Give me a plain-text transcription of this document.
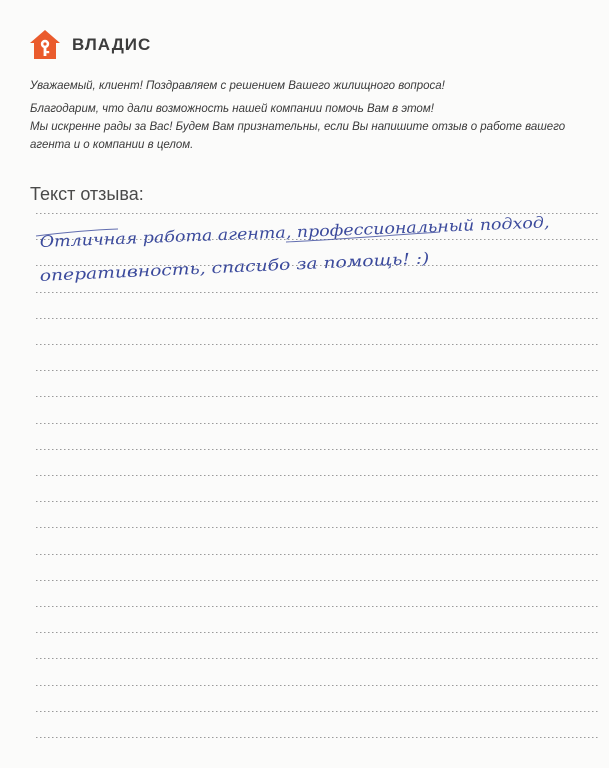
ВЛАДИС

Уважаемый, клиент! Поздравляем с решением Вашего жилищного вопроса!

Благодарим, что дали возможность нашей компании помочь Вам в этом!

Мы искренне рады за Вас! Будем Вам признательны, если Вы напишите отзыв о работе вашего агента и о компании в целом.

Текст отзыва:
Отличная работа агента, профессиональный подход,
оперативность, спасибо за помощь! :)
